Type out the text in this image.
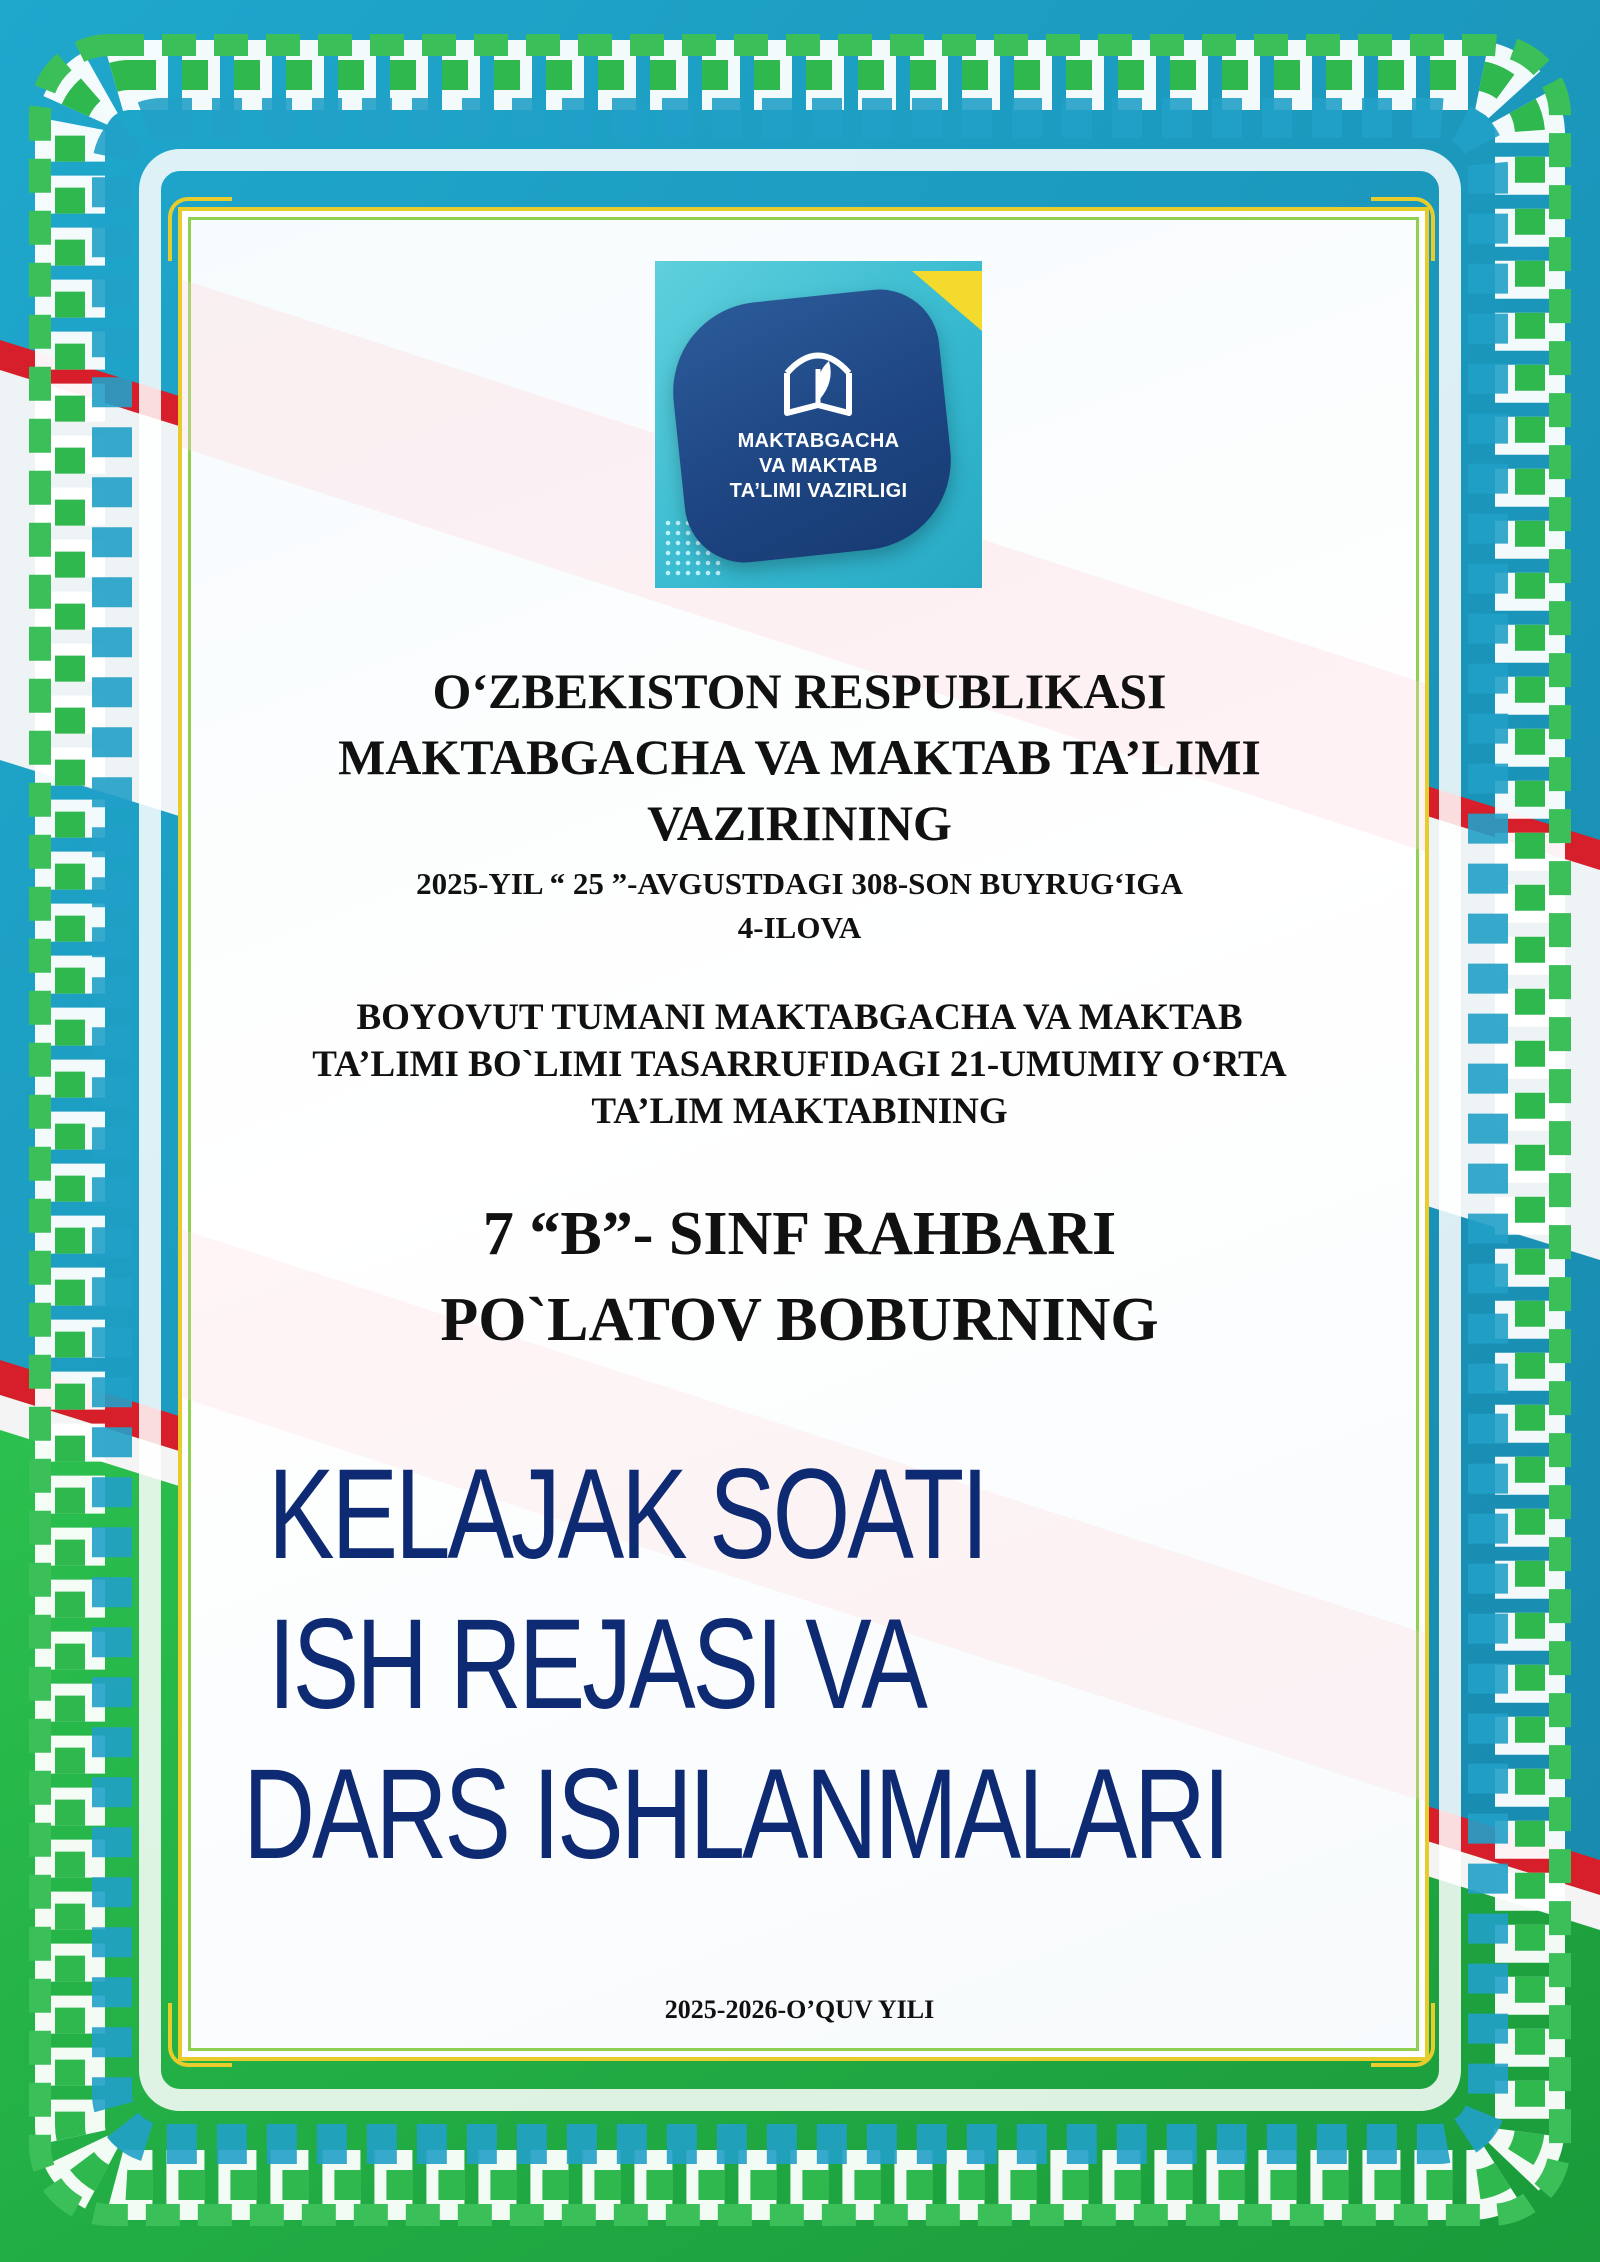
MAKTABGACHA
VA MAKTAB
TA’LIMI VAZIRLIGI
O‘ZBEKISTON RESPUBLIKASI
MAKTABGACHA VA MAKTAB TA’LIMI
VAZIRINING
2025-YIL “ 25 ”-AVGUSTDAGI 308-SON BUYRUG‘IGA
4-ILOVA
BOYOVUT TUMANI MAKTABGACHA VA MAKTAB
TA’LIMI BO`LIMI TASARRUFIDAGI 21-UMUMIY O‘RTA
TA’LIM MAKTABINING
7 “B”- SINF RAHBARI
PO`LATOV BOBURNING
KELAJAK SOATI
ISH REJASI VA
DARS ISHLANMALARI
2025-2026-O’QUV YILI
